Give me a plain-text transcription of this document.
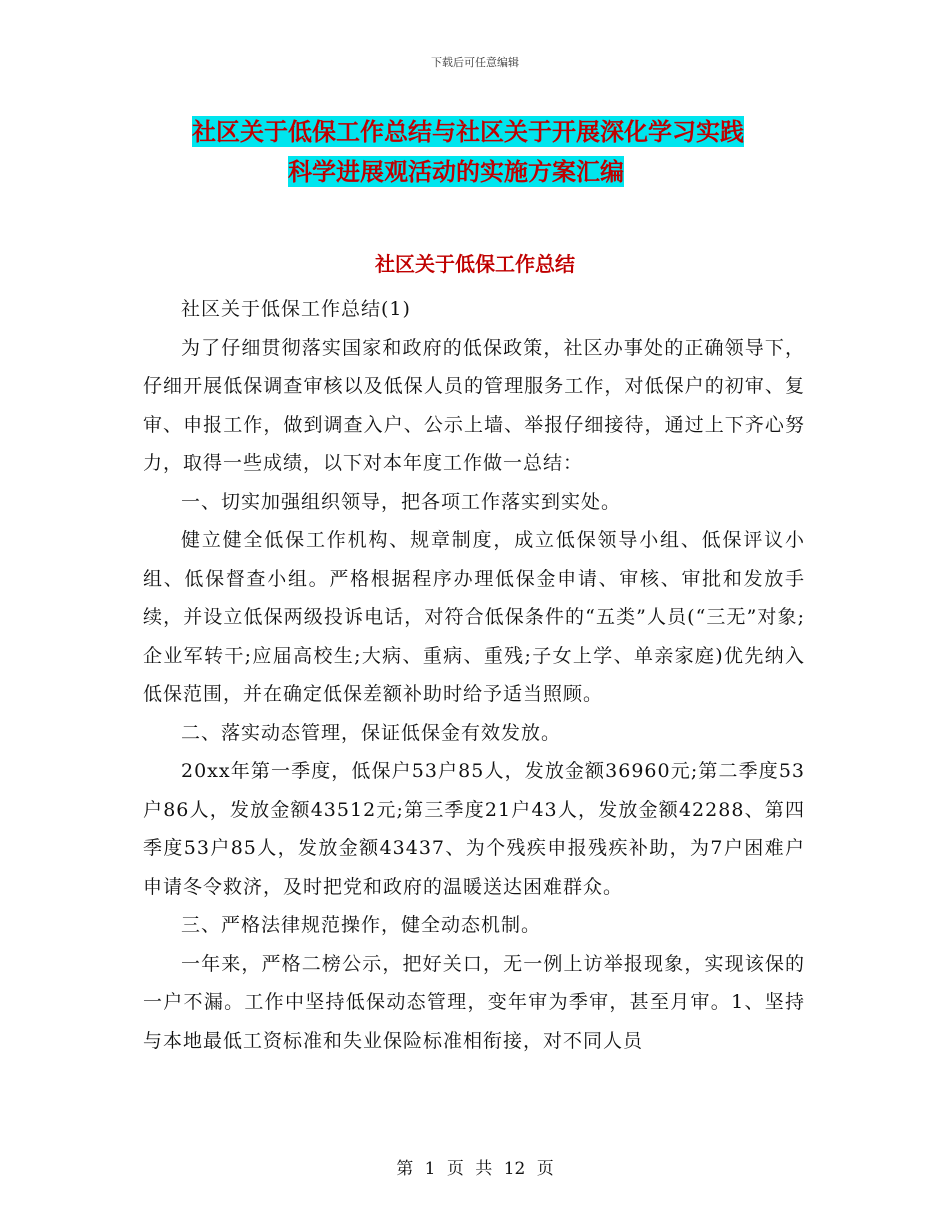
下载后可任意编辑
社区关于低保工作总结与社区关于开展深化学习实践
科学进展观活动的实施方案汇编
社区关于低保工作总结

社区关于低保工作总结(1)

为了仔细贯彻落实国家和政府的低保政策，社区办事处的正确领导下，仔细开展低保调查审核以及低保人员的管理服务工作，对低保户的初审、复审、申报工作，做到调查入户、公示上墙、举报仔细接待，通过上下齐心努力，取得一些成绩，以下对本年度工作做一总结：

一、切实加强组织领导，把各项工作落实到实处。

健立健全低保工作机构、规章制度，成立低保领导小组、低保评议小组、低保督查小组。严格根据程序办理低保金申请、审核、审批和发放手续，并设立低保两级投诉电话，对符合低保条件的“五类”人员(“三无”对象;企业军转干;应届高校生;大病、重病、重残;子女上学、单亲家庭)优先纳入低保范围，并在确定低保差额补助时给予适当照顾。

二、落实动态管理，保证低保金有效发放。

20xx年第一季度，低保户53户85人，发放金额36960元;第二季度53户86人，发放金额43512元;第三季度21户43人，发放金额42288、第四季度53户85人，发放金额43437、为个残疾申报残疾补助，为7户困难户申请冬令救济，及时把党和政府的温暖送达困难群众。

三、严格法律规范操作，健全动态机制。

一年来，严格二榜公示，把好关口，无一例上访举报现象，实现该保的一户不漏。工作中坚持低保动态管理，变年审为季审，甚至月审。1、坚持与本地最低工资标准和失业保险标准相衔接，对不同人员

第 1 页 共 12 页
